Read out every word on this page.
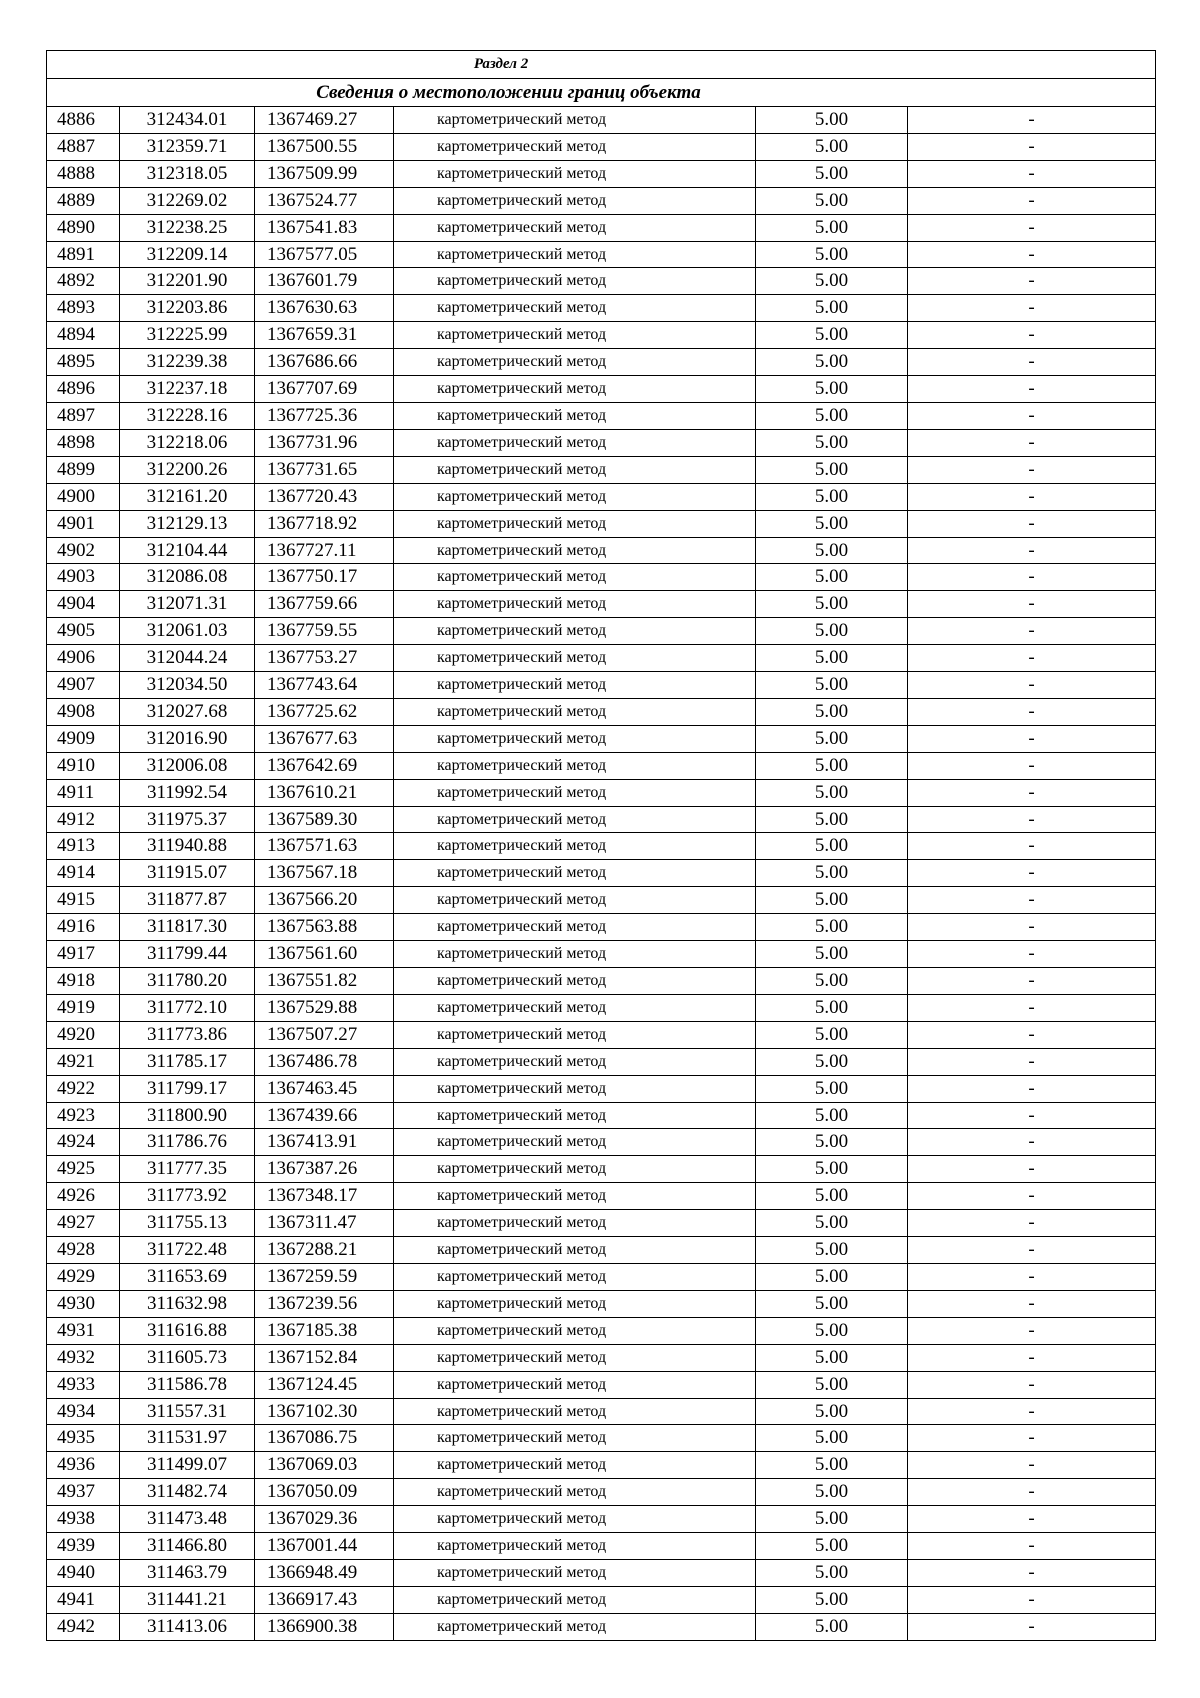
Раздел 2					
Сведения о местоположении границ объекта					
4886	312434.01	1367469.27	картометрический метод	5.00	-
4887	312359.71	1367500.55	картометрический метод	5.00	-
4888	312318.05	1367509.99	картометрический метод	5.00	-
4889	312269.02	1367524.77	картометрический метод	5.00	-
4890	312238.25	1367541.83	картометрический метод	5.00	-
4891	312209.14	1367577.05	картометрический метод	5.00	-
4892	312201.90	1367601.79	картометрический метод	5.00	-
4893	312203.86	1367630.63	картометрический метод	5.00	-
4894	312225.99	1367659.31	картометрический метод	5.00	-
4895	312239.38	1367686.66	картометрический метод	5.00	-
4896	312237.18	1367707.69	картометрический метод	5.00	-
4897	312228.16	1367725.36	картометрический метод	5.00	-
4898	312218.06	1367731.96	картометрический метод	5.00	-
4899	312200.26	1367731.65	картометрический метод	5.00	-
4900	312161.20	1367720.43	картометрический метод	5.00	-
4901	312129.13	1367718.92	картометрический метод	5.00	-
4902	312104.44	1367727.11	картометрический метод	5.00	-
4903	312086.08	1367750.17	картометрический метод	5.00	-
4904	312071.31	1367759.66	картометрический метод	5.00	-
4905	312061.03	1367759.55	картометрический метод	5.00	-
4906	312044.24	1367753.27	картометрический метод	5.00	-
4907	312034.50	1367743.64	картометрический метод	5.00	-
4908	312027.68	1367725.62	картометрический метод	5.00	-
4909	312016.90	1367677.63	картометрический метод	5.00	-
4910	312006.08	1367642.69	картометрический метод	5.00	-
4911	311992.54	1367610.21	картометрический метод	5.00	-
4912	311975.37	1367589.30	картометрический метод	5.00	-
4913	311940.88	1367571.63	картометрический метод	5.00	-
4914	311915.07	1367567.18	картометрический метод	5.00	-
4915	311877.87	1367566.20	картометрический метод	5.00	-
4916	311817.30	1367563.88	картометрический метод	5.00	-
4917	311799.44	1367561.60	картометрический метод	5.00	-
4918	311780.20	1367551.82	картометрический метод	5.00	-
4919	311772.10	1367529.88	картометрический метод	5.00	-
4920	311773.86	1367507.27	картометрический метод	5.00	-
4921	311785.17	1367486.78	картометрический метод	5.00	-
4922	311799.17	1367463.45	картометрический метод	5.00	-
4923	311800.90	1367439.66	картометрический метод	5.00	-
4924	311786.76	1367413.91	картометрический метод	5.00	-
4925	311777.35	1367387.26	картометрический метод	5.00	-
4926	311773.92	1367348.17	картометрический метод	5.00	-
4927	311755.13	1367311.47	картометрический метод	5.00	-
4928	311722.48	1367288.21	картометрический метод	5.00	-
4929	311653.69	1367259.59	картометрический метод	5.00	-
4930	311632.98	1367239.56	картометрический метод	5.00	-
4931	311616.88	1367185.38	картометрический метод	5.00	-
4932	311605.73	1367152.84	картометрический метод	5.00	-
4933	311586.78	1367124.45	картометрический метод	5.00	-
4934	311557.31	1367102.30	картометрический метод	5.00	-
4935	311531.97	1367086.75	картометрический метод	5.00	-
4936	311499.07	1367069.03	картометрический метод	5.00	-
4937	311482.74	1367050.09	картометрический метод	5.00	-
4938	311473.48	1367029.36	картометрический метод	5.00	-
4939	311466.80	1367001.44	картометрический метод	5.00	-
4940	311463.79	1366948.49	картометрический метод	5.00	-
4941	311441.21	1366917.43	картометрический метод	5.00	-
4942	311413.06	1366900.38	картометрический метод	5.00	-
